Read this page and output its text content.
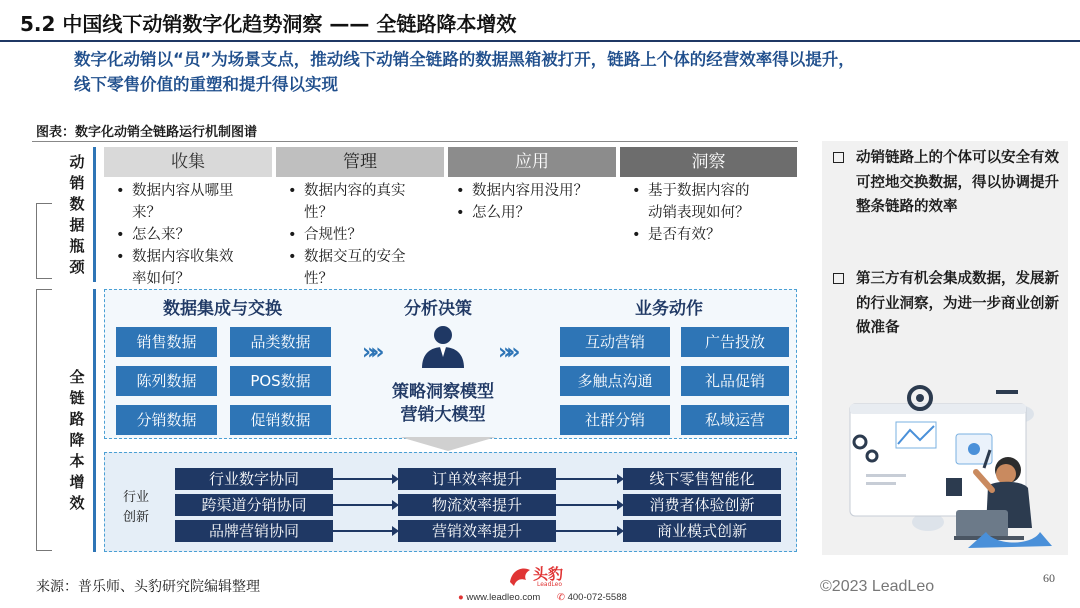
5.2 中国线下动销数字化趋势洞察 —— 全链路降本增效
数字化动销以“员”为场景支点，推动线下动销全链路的数据黑箱被打开，链路上个体的经营效率得以提升，
线下零售价值的重塑和提升得以实现
图表：数字化动销全链路运行机制图谱
动
销
数
据
瓶
颈
全
链
路
降
本
增
效
收集	管理	应用	洞察
• 数据内容从哪里
来？
• 怎么来？
• 数据内容收集效
率如何？
• 数据内容的真实
性？
• 合规性？
• 数据交互的安全
性？
• 数据内容用没用？
• 怎么用？
• 基于数据内容的
动销表现如何？
• 是否有效？
数据集成与交换	分析决策	业务动作
销售数据	品类数据
陈列数据	POS数据
分销数据	促销数据
»»	»»
策略洞察模型
营销大模型
互动营销	广告投放
多触点沟通	礼品促销
社群分销	私域运营
行业
创新
行业数字协同	订单效率提升	线下零售智能化
跨渠道分销协同	物流效率提升	消费者体验创新
品牌营销协同	营销效率提升	商业模式创新
动销链路上的个体可以安全有效可控地交换数据，得以协调提升整条链路的效率
第三方有机会集成数据，发展新的行业洞察，为进一步商业创新做准备
来源：普乐师、头豹研究院编辑整理
头豹
LeadLeo
● www.leadleo.com ✆ 400-072-5588
©2023 LeadLeo	60
